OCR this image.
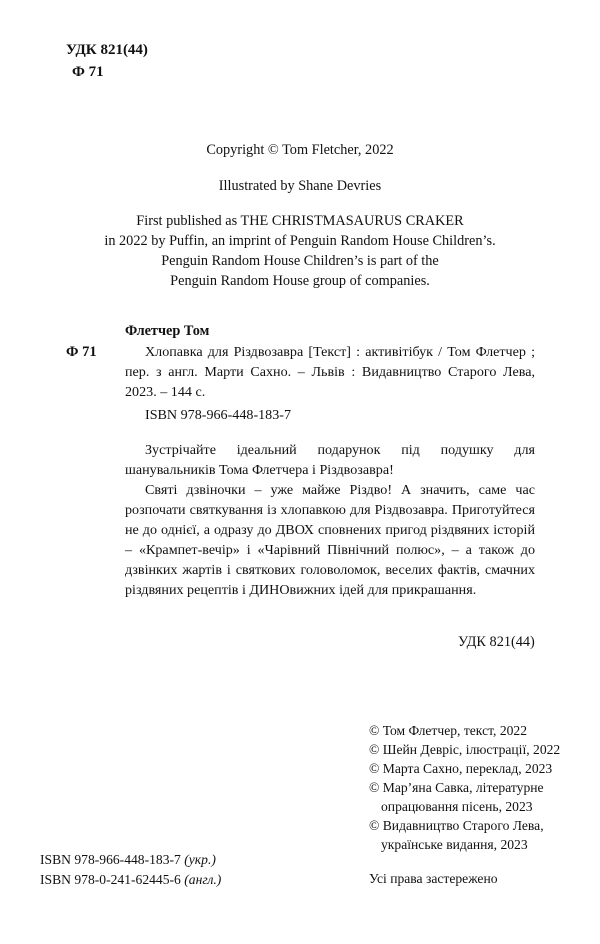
УДК 821(44)
Ф 71
Copyright © Tom Fletcher, 2022
Illustrated by Shane Devries
First published as THE CHRISTMASAURUS CRAKER
in 2022 by Puffin, an imprint of Penguin Random House Children’s.
Penguin Random House Children’s is part of the
Penguin Random House group of companies.
Флетчер Том
Ф 71	Хлопавка для Різдвозавра [Текст] : активітібук / Том Флетчер ; пер. з англ. Марти Сахно. – Львів : Видавництво Старого Лева, 2023. – 144 с.
ISBN 978-966-448-183-7
Зустрічайте ідеальний подарунок під подушку для шанувальників Тома Флетчера і Різдвозавра!
Святі дзвіночки – уже майже Різдво! А значить, саме час розпочати святкування із хлопавкою для Різдвозавра. Приготуйтеся не до однієї, а одразу до ДВОХ сповнених пригод різдвяних історій – «Крампет-вечір» і «Чарівний Північний полюс», – а також до дзвінких жартів і святкових головоломок, веселих фактів, смачних різдвяних рецептів і ДИНОвижних ідей для прикрашання.
УДК 821(44)
© Том Флетчер, текст, 2022
© Шейн Девріс, ілюстрації, 2022
© Марта Сахно, переклад, 2023
© Мар’яна Савка, літературне
опрацювання пісень, 2023
© Видавництво Старого Лева,
українське видання, 2023
ISBN 978-966-448-183-7 (укр.)
ISBN 978-0-241-62445-6 (англ.)	Усі права застережено
